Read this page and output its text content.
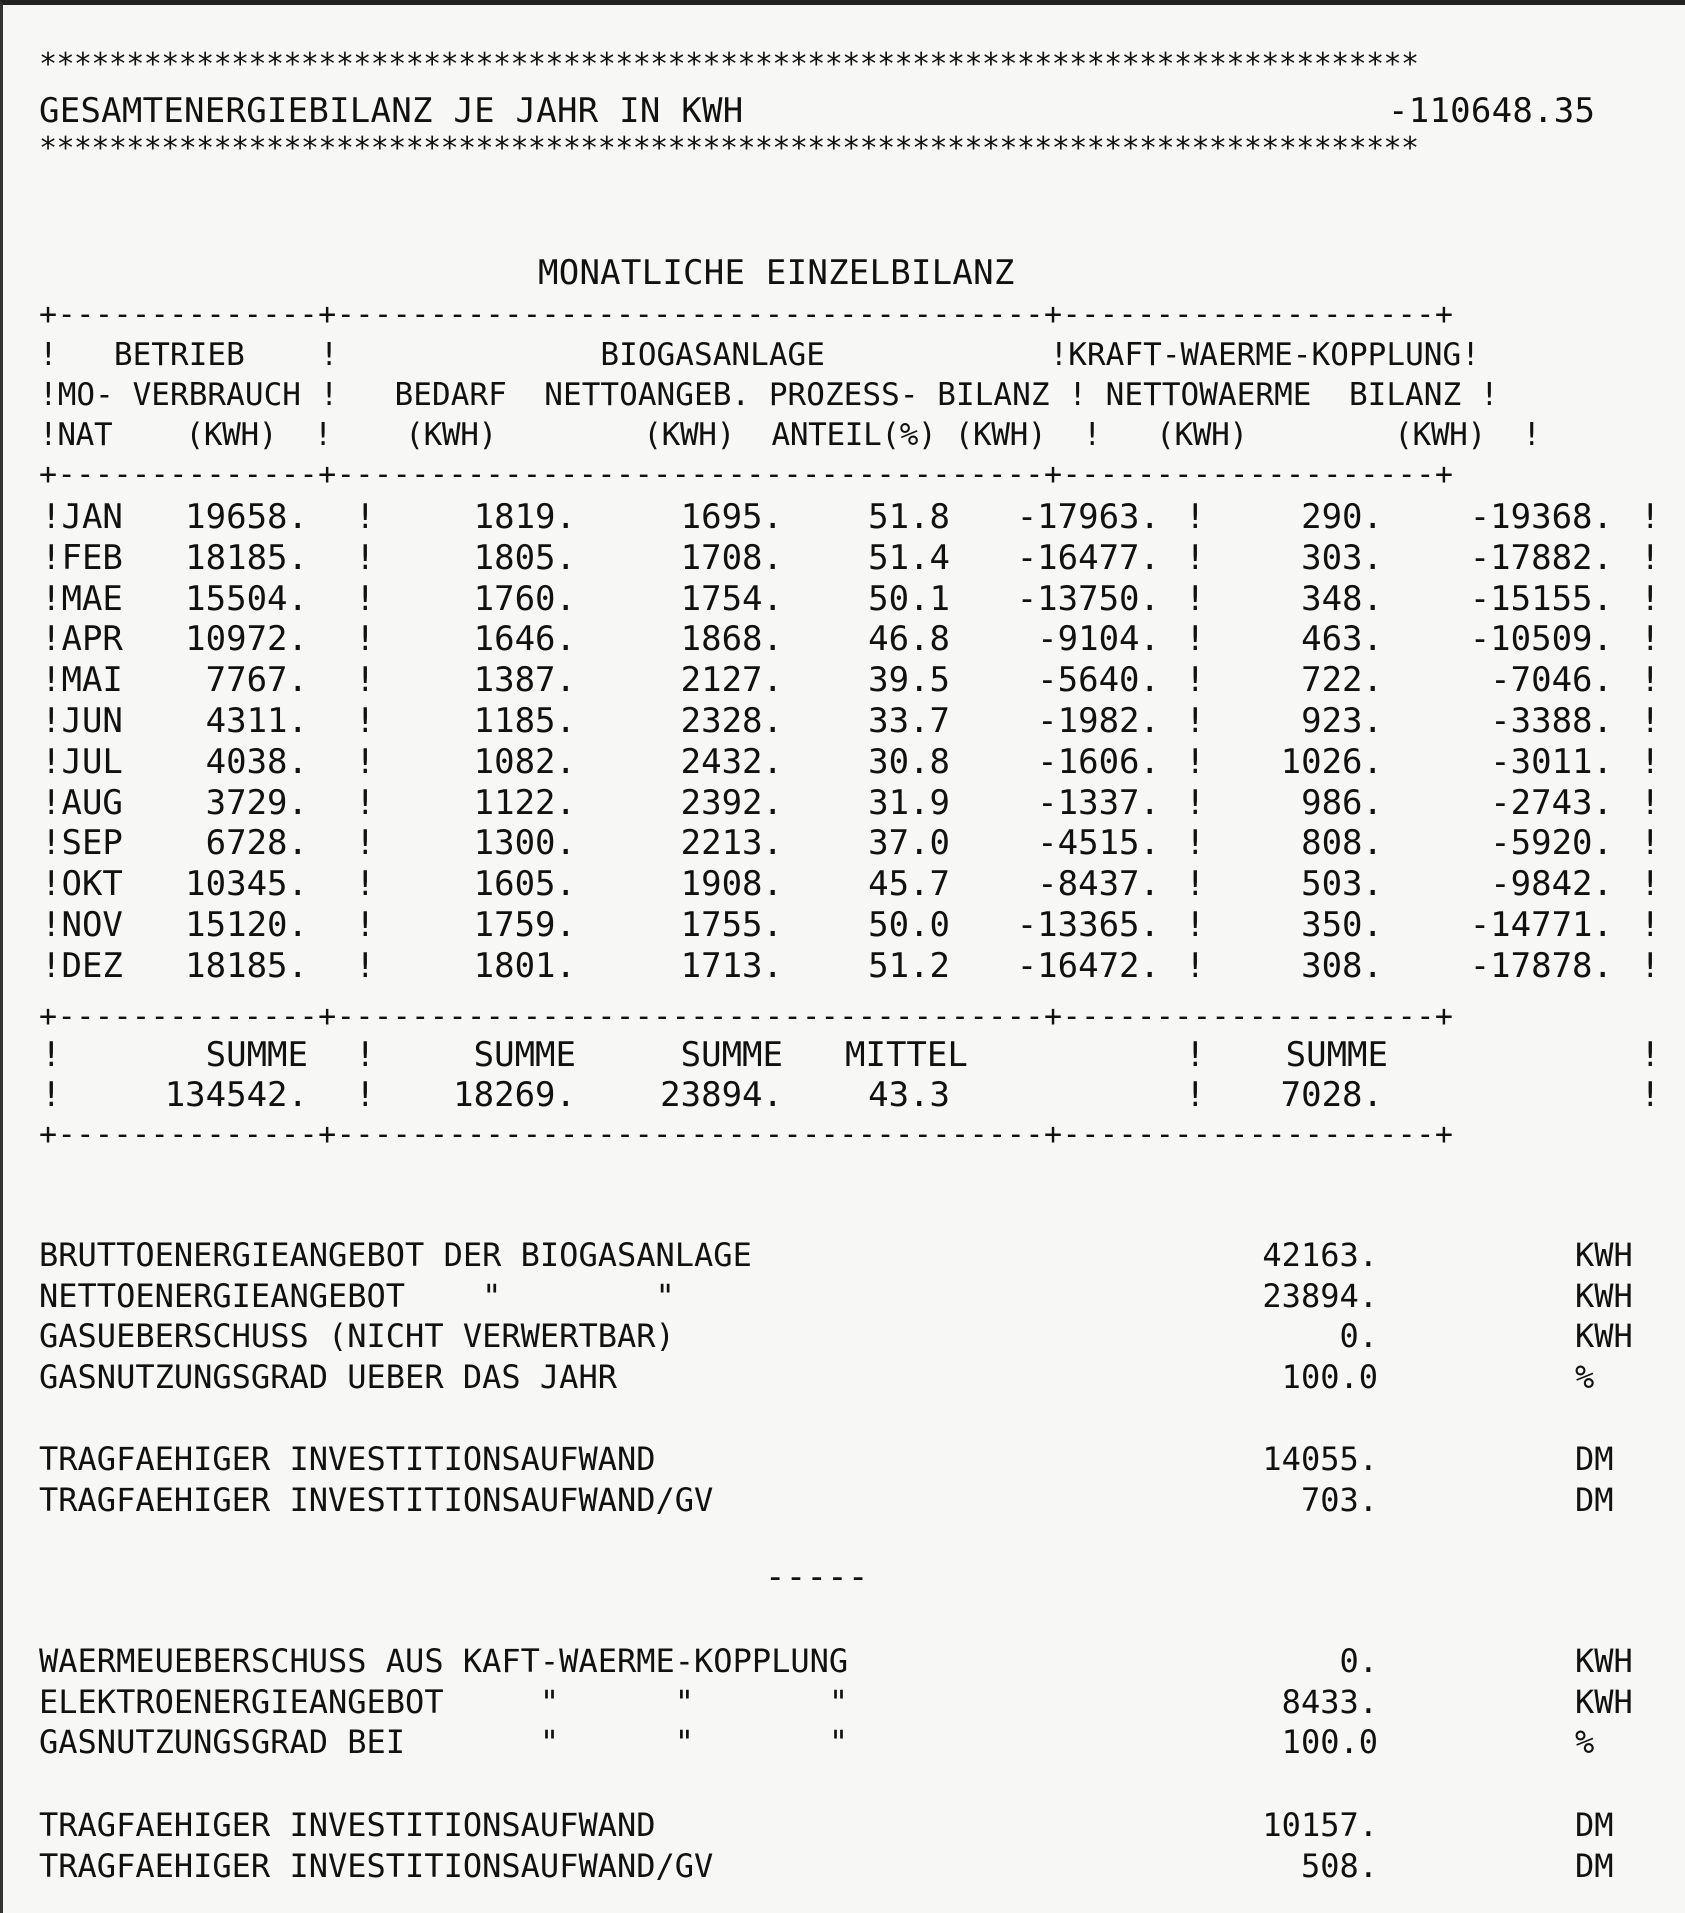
*******************************************************************************
GESAMTENERGIEBILANZ JE JAHR IN KWH	-110648.35
*******************************************************************************
MONATLICHE EINZELBILANZ
+--------------+--------------------------------------+--------------------+
!   BETRIEB    !              BIOGASANLAGE            !KRAFT-WAERME-KOPPLUNG!
!MO- VERBRAUCH !   BEDARF  NETTOANGEB. PROZESS- BILANZ ! NETTOWAERME  BILANZ !
!NAT    (KWH)  !    (KWH)        (KWH)  ANTEIL(%) (KWH)  !   (KWH)        (KWH)  !
+--------------+--------------------------------------+--------------------+
!JAN 19658. !	1819.	1695.	51.8 -17963. !	290.	-19368. !
!FEB 18185. !	1805.	1708.	51.4 -16477. !	303.	-17882. !
!MAE 15504. !	1760.	1754.	50.1 -13750. !	348.	-15155. !
!APR 10972. !	1646.	1868.	46.8	-9104. !	463.	-10509. !
!MAI 7767. !	1387.	2127.	39.5	-5640. !	722.	-7046. !
!JUN 4311. !	1185.	2328.	33.7	-1982. !	923.	-3388. !
!JUL 4038. !	1082.	2432.	30.8	-1606. ! 1026.	-3011. !
!AUG 3729. !	1122.	2392.	31.9	-1337. !	986.	-2743. !
!SEP 6728. !	1300.	2213.	37.0	-4515. !	808.	-5920. !
!OKT 10345. !	1605.	1908.	45.7	-8437. !	503.	-9842. !
!NOV 15120. !	1759.	1755.	50.0 -13365. !	350.	-14771. !
!DEZ 18185. !	1801.	1713.	51.2 -16472. !	308.	-17878. !
+--------------+--------------------------------------+--------------------+
!	SUMME !	SUMME	SUMME MITTEL	! SUMME	!
!	134542. ! 18269. 23894.	43.3	! 7028.	!
+--------------+--------------------------------------+--------------------+
BRUTTOENERGIEANGEBOT DER BIOGASANLAGE	42163.	KWH
NETTOENERGIEANGEBOT    "        "	23894.	KWH
GASUEBERSCHUSS (NICHT VERWERTBAR)	0.	KWH
GASNUTZUNGSGRAD UEBER DAS JAHR	100.0	%
TRAGFAEHIGER INVESTITIONSAUFWAND	14055.	DM
TRAGFAEHIGER INVESTITIONSAUFWAND/GV	703.	DM
-----
WAERMEUEBERSCHUSS AUS KAFT-WAERME-KOPPLUNG	0.	KWH
ELEKTROENERGIEANGEBOT     "      "       "	8433.	KWH
GASNUTZUNGSGRAD BEI       "      "       "	100.0	%
TRAGFAEHIGER INVESTITIONSAUFWAND	10157.	DM
TRAGFAEHIGER INVESTITIONSAUFWAND/GV	508.	DM
